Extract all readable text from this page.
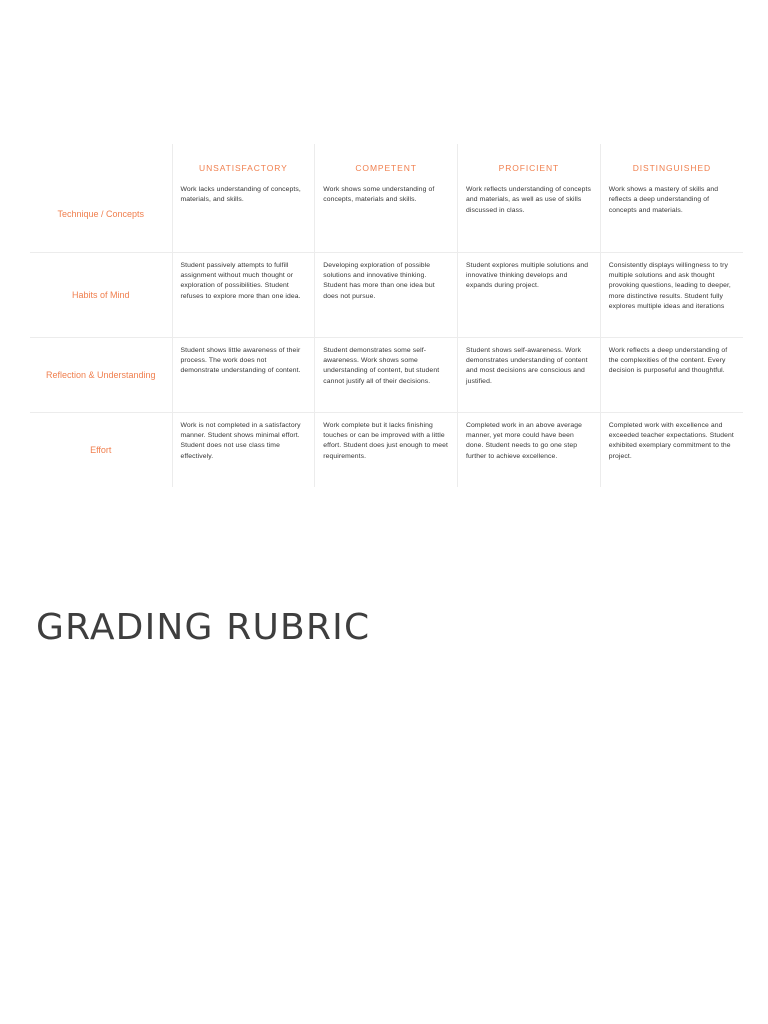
	UNSATISFACTORY	COMPETENT	PROFICIENT	DISTINGUISHED

Technique / Concepts	Work lacks understanding of concepts, materials, and skills.	Work shows some understanding of concepts, materials and skills.	Work reflects understanding of concepts and materials, as well as use of skills discussed in class.	Work shows a mastery of skills and reflects a deep understanding of concepts and materials.
Habits of Mind	Student passively attempts to fulfill assignment without much thought or exploration of possibilities. Student refuses to explore more than one idea.	Developing exploration of possible solutions and innovative thinking. Student has more than one idea but does not pursue.	Student explores multiple solutions and innovative thinking develops and expands during project.	Consistently displays willingness to try multiple solutions and ask thought provoking questions, leading to deeper, more distinctive results. Student fully explores multiple ideas and iterations
Reflection & Understanding	Student shows little awareness of their process. The work does not demonstrate understanding of content.	Student demonstrates some self-awareness. Work shows some understanding of content, but student cannot justify all of their decisions.	Student shows self-awareness. Work demonstrates understanding of content and most decisions are conscious and justified.	Work reflects a deep understanding of the complexities of the content. Every decision is purposeful and thoughtful.
Effort	Work is not completed in a satisfactory manner. Student shows minimal effort. Student does not use class time effectively.	Work complete but it lacks finishing touches or can be improved with a little effort. Student does just enough to meet requirements.	Completed work in an above average manner, yet more could have been done. Student needs to go one step further to achieve excellence.	Completed work with excellence and exceeded teacher expectations. Student exhibited exemplary commitment to the project.
GRADING RUBRIC
